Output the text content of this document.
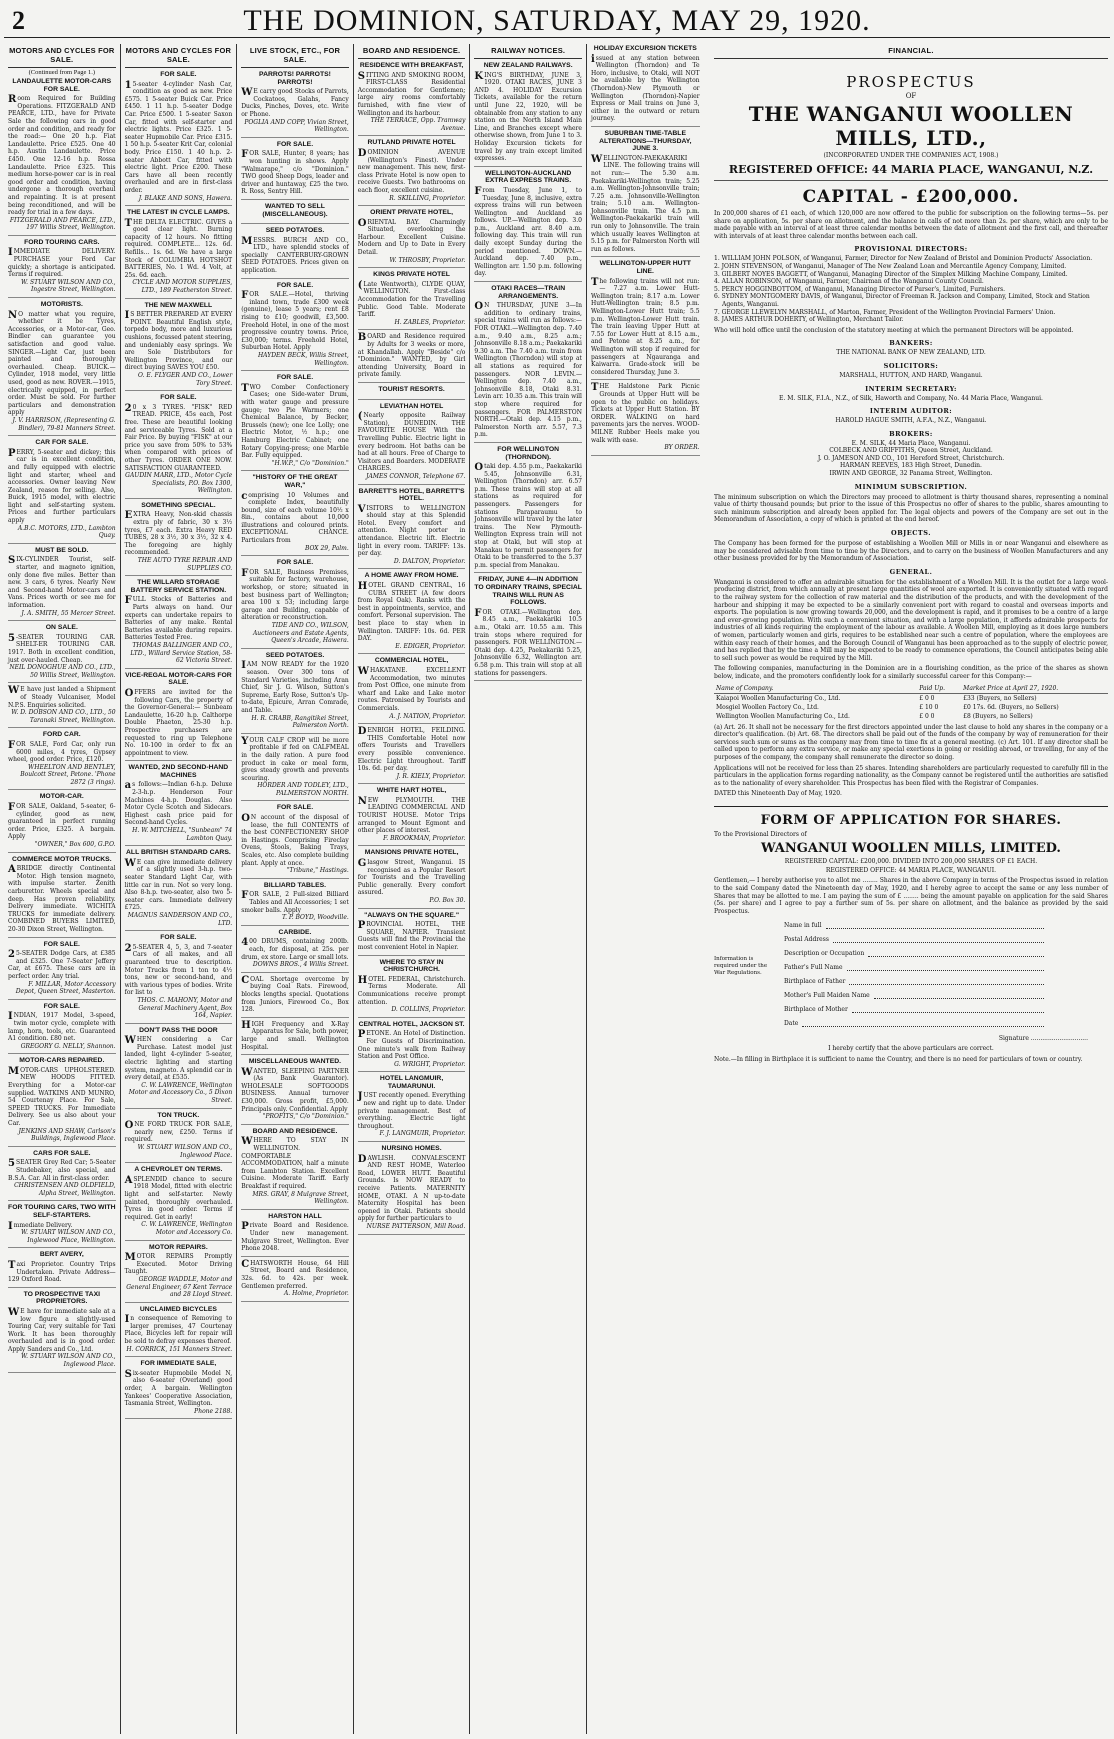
2	THE DOMINION, SATURDAY, MAY 29, 1920.
MOTORS AND CYCLES FOR SALE.
(Continued from Page 1.)
LANDAULETTE MOTOR-CARS FOR SALE.
R oom Required for Building Operations. FITZGERALD AND PEARCE, LTD., have for Private Sale the following cars in good order and condition, and ready for the road:— One 20 h.p. Fiat Landaulette. Price £525. One 40 h.p. Austin Landaulette. Price £450. One 12-16 h.p. Rossa Landaulette. Price £325. This medium horse-power car is in real good order and condition, having undergone a thorough overhaul and repainting. It is at present being reconditioned, and will be ready for trial in a few days.
FITZGERALD AND PEARCE, LTD., 197 Willis Street, Wellington.
FORD TOURING CARS.
I MMEDIATE DELIVERY. PURCHASE your Ford Car quickly; a shortage is anticipated. Terms if required.
W. STUART WILSON AND CO., Ingestre Street, Wellington.
MOTORISTS.
N O matter what you require, whether it be Tyres, Accessories, or a Motor-car, Geo. Bindler can guarantee you satisfaction and good value. SINGER.—Light Car, just been painted and thoroughly overhauled. Cheap. BUICK.—Cylinder, 1918 model, very little used, good as new. ROVER.—1915, electrically equipped, in perfect order. Must be sold. For further particulars and demonstration apply
J. V. HARRISON, (Representing G. Bindler), 79-81 Manners Street.
CAR FOR SALE.
P ERRY, 5-seater and dickey; this car is in excellent condition, and fully equipped with electric light and starter, wheel and accessories. Owner leaving New Zealand, reason for selling. Also, Buick, 1915 model, with electric light and self-starting system. Prices and further particulars apply
A.B.C. MOTORS, LTD., Lambton Quay.
MUST BE SOLD.
S IX-CYLINDER Tourist, self-starter, and magneto ignition, only done five miles. Better than new. 3 cars, 6 tyres. Nearly New and Second-hand Motor-cars and Vans. Prices worth or see me for information.
J. A. SMITH, 55 Mercer Street.
ON SALE.
5 -SEATER TOURING CAR. SHELT-ER TOURING CAR. 1917. Both in excellent condition, just over-hauled. Cheap.
NEIL DONOGHUE AND CO., LTD., 50 Willis Street, Wellington.
W E have just landed a Shipment of Steady Vulcaniser, Model N.P.S. Enquiries solicited.
W. D. DOBSON AND CO., LTD., 50 Taranaki Street, Wellington.
FORD CAR.
F OR SALE, Ford Car, only run 6000 miles, 4 tyres, Gypsey wheel, good order. Price, £120.
WHEELTON AND BENTLEY, Boulcott Street, Petone. 'Phone 2872 (3 rings).
MOTOR-CAR.
F OR SALE, Oakland, 5-seater, 6-cylinder, good as new, guaranteed in perfect running order. Price, £325. A bargain. Apply
"OWNER," Box 600, G.P.O.
COMMERCE MOTOR TRUCKS.
A BRIDGE directly Continental Motor. High tension magneto, with impulse starter. Zenith carburettor. Wheels special and deep. Has proven reliability. Delivery immediate. WICHITA TRUCKS for immediate delivery. COMBINED BUYERS LIMITED, 20-30 Dixon Street, Wellington.
FOR SALE.
2 5-SEATER Dodge Cars, at £385 and £325. One 7-Seater Jeffery Car, at £675. These cars are in perfect order. Any trial.
F. MILLAR, Motor Accessory Depot, Queen Street, Masterton.
FOR SALE.
I NDIAN, 1917 Model, 3-speed, twin motor cycle, complete with lamp, horn, tools, etc. Guaranteed A1 condition. £80 net.
GREGORY G. NELLY, Shannon.
MOTOR-CARS REPAIRED.
M OTOR-CARS UPHOLSTERED. NEW HOODS FITTED. Everything for a Motor-car supplied. WATKINS AND MUNRO, 54 Courtenay Place. For Sale, SPEED TRUCKS. For Immediate Delivery. See us also about your Car.
JENKINS AND SHAW, Carlson's Buildings, Inglewood Place.
CARS FOR SALE.
5 SEATER Grey Red Car; 5-Seater Studebaker, also special, and B.S.A. Car. All in first-class order.
CHRISTENSEN AND OLDFIELD, Alpha Street, Wellington.
FOR TOURING CARS, TWO WITH SELF-STARTERS.
I mmediate Delivery.
W. STUART WILSON AND CO., Inglewood Place, Wellington.
BERT AVERY,
T axi Proprietor. Country Trips Undertaken. Private Address—129 Oxford Road.
TO PROSPECTIVE TAXI PROPRIETORS.
W E have for immediate sale at a low figure a slightly-used Touring Car, very suitable for Taxi Work. It has been thoroughly overhauled and is in good order. Apply Sanders and Co., Ltd.
W. STUART WILSON AND CO., Inglewood Place.
MOTORS AND CYCLES FOR SALE.
FOR SALE.
1 5-seater 4-cylinder Nash Car, condition as good as new. Price £575. 1 5-seater Buick Car. Price £450. 1 11 h.p. 5-seater Dodge Car. Price £500. 1 5-seater Saxon Car, fitted with self-starter and electric lights. Price £325. 1 5-seater Hupmobile Car. Price £315. 1 50 h.p. 5-seater Krit Car, colonial body. Price £150. 1 40 h.p. 2-seater Abbott Car, fitted with electric light. Price £200. These Cars have all been recently overhauled and are in first-class order.
J. BLAKE AND SONS, Hawera.
THE LATEST IN CYCLE LAMPS.
T HE DELTA ELECTRIC. GIVES a good clear light. Burning capacity of 12 hours. No fitting required. COMPLETE... 12s. 6d. Refills... 1s. 6d. We have a large Stock of COLUMBIA HOTSHOT BATTERIES, No. 1 Wd. 4 Volt, at 25s. 6d. each.
CYCLE AND MOTOR SUPPLIES, LTD., 189 Featherston Street.
THE NEW MAXWELL
I S BETTER PREPARED AT EVERY POINT. Beautiful English style, torpedo body, more and luxurious cushions, focussed patent steering, and undeniably easy springs. We are Sole Distributors for Wellington Province, and our direct buying SAVES YOU £50.
O. E. FLYGER AND CO., Lower Tory Street.
FOR SALE.
2 0 x 3 TYRES. "FISK" RED TREAD. PRICE, 45s each, Post free. These are beautiful looking and serviceable Tyres. Sold at a Fair Price. By buying "FISK" at our price you save from 50% to 53% when compared with prices of other Tyres. ORDER ONE NOW. SATISFACTION GUARANTEED.
GAUDIN MARR, LTD., Motor Cycle Specialists, P.O. Box 1300, Wellington.
SOMETHING SPECIAL.
E XTRA Heavy, Non-skid chassis extra ply of fabric, 30 x 3½ tyres, £7 each. Extra Heavy RED TUBES, 28 x 3½, 30 x 3½, 32 x 4. The foregoing are highly recommended.
THE AUTO TYRE REPAIR AND SUPPLIES CO.
THE WILLARD STORAGE BATTERY SERVICE STATION.
F ULL Stocks of Batteries and Parts always on hand. Our experts can undertake repairs to Batteries of any make. Rental Batteries available during repairs. Batteries Tested Free.
THOMAS BALLINGER AND CO., LTD., Willard Service Station, 58-62 Victoria Street.
VICE-REGAL MOTOR-CARS FOR SALE.
O FFERS are invited for the following Cars, the property of the Governor-General:— Sunbeam Landaulette, 16-20 h.p. Calthorpe Double Phaeton, 25-30 h.p. Prospective purchasers are requested to ring up Telephone No. 10-100 in order to fix an appointment to view.
WANTED, 2ND SECOND-HAND MACHINES
a s follows:—Indian 6-h.p. Deluxe 2-3-h.p. Henderson Four Machines 4-h.p. Douglas. Also Motor Cycle Scotch and Sidecars. Highest cash price paid for Second-hand Cycles.
H. W. MITCHELL, "Sunbeam" 74 Lambton Quay.
ALL BRITISH STANDARD CARS.
W E can give immediate delivery of a slightly used 3-h.p. two-seater Standard Light Car, with little car in run. Not so very long. Also 8-h.p. two-seater, also two 5-seater cars. Immediate delivery £725.
MAGNUS SANDERSON AND CO., LTD.
FOR SALE.
2 5-SEATER 4, 5, 3, and 7-seater Cars of all makes, and all guaranteed true to description. Motor Trucks from 1 ton to 4½ tons, new or second-hand, and with various types of bodies. Write for list to
THOS. C. MAHONY, Motor and General Machinery Agent, Box 164, Napier.
DON'T PASS THE DOOR
W HEN considering a Car Purchase. Latest model just landed, light 4-cylinder 5-seater, electric lighting and starting system, magneto. A splendid car in every detail, at £535.
C. W. LAWRENCE, Wellington Motor and Accessory Co., 5 Dixon Street.
TON TRUCK.
O NE FORD TRUCK FOR SALE, nearly new, £250. Terms if required.
W. STUART WILSON AND CO., Inglewood Place.
A CHEVROLET ON TERMS.
A SPLENDID chance to secure 1918 Model, fitted with electric light and self-starter. Newly painted, thoroughly overhauled. Tyres in good order. Terms if required. Get in early!
C. W. LAWRENCE, Wellington Motor and Accessory Co.
MOTOR REPAIRS.
M OTOR REPAIRS Promptly Executed. Motor Driving Taught.
GEORGE WADDLE, Motor and General Engineer, 67 Kent Terrace and 28 Lloyd Street.
UNCLAIMED BICYCLES
I n consequence of Removing to larger premises, 47 Courtenay Place, Bicycles left for repair will be sold to defray expenses thereof.
H. CORRICK, 151 Manners Street.
FOR IMMEDIATE SALE,
S ix-seater Hupmobile Model N, also 6-seater (Overland) good order, A bargain. Wellington Yankees' Cooperative Association, Tasmania Street, Wellington.
Phone 2188.
LIVE STOCK, ETC., FOR SALE.
PARROTS! PARROTS! PARROTS!
W E carry good Stocks of Parrots, Cockatoos, Galahs, Fancy Ducks, Pinches, Doves, etc. Write or Phone.
POGLIA AND COPP, Vivian Street, Wellington.
FOR SALE.
F OR SALE, Hunter, 8 years; has won hunting in shows. Apply "Walmarape," c/o "Dominion." TWO good Sheep Dogs, leader and driver and huntaway, £25 the two. R. Ross, Sentry Hill.
WANTED TO SELL (MISCELLANEOUS).
SEED POTATOES.
M ESSRS. BURCH AND CO., LTD., have splendid stocks of specially CANTERBURY-GROWN SEED POTATOES. Prices given on application.
FOR SALE.
F OR SALE.—Hotel, thriving inland town, trade £300 week (genuine), lease 5 years; rent £8 rising to £10; goodwill, £3,500. Freehold Hotel, in one of the most progressive country towns. Price, £30,000; terms. Freehold Hotel, Suburban Hotel. Apply
HAYDEN BECK, Willis Street, Wellington.
FOR SALE.
T WO Comber Confectionery Cases; one Side-water Drum, with water gauge and pressure gauge; two Pie Warmers; one Chemical Balance, by Becker, Brussels (new); one Ice Lolly; one Electric Motor, ½ h.p.; one Hamburg Electric Cabinet; one Rotary Copying-press; one Marble Bar. Fully equipped.
"H.W.P.," C/o "Dominion."
"HISTORY OF THE GREAT WAR,"
c omprising 10 Volumes and complete Index, beautifully bound, size of each volume 10½ x 8in., contains about 10,000 illustrations and coloured prints. EXCEPTIONAL CHANCE. Particulars from
BOX 29, Palm.
FOR SALE.
F OR SALE, Business Premises, suitable for factory, warehouse, workshop, or store; situated in best business part of Wellington; area 100 x 53; including large garage and Building, capable of alteration or reconstruction.
TIDE AND CO., WILSON, Auctioneers and Estate Agents, Queen's Arcade, Hawera.
SEED POTATOES.
I AM NOW READY for the 1920 season. Over 300 tons of Standard Varieties, including Aran Chief, Sir J. G. Wilson, Sutton's Supreme, Early Rose, Sutton's Up-to-date, Epicure, Arran Comrade, and Table.
H. R. CRABB, Rangitikei Street, Palmerston North.
YOUR CALF CROP will be more profitable if fed on CALFMEAL in the daily ration. A pure food product in cake or meal form, gives steady growth and prevents scouring.
HORDER AND TODLEY, LTD., PALMERSTON NORTH.
FOR SALE.
O N account of the disposal of lease, the full CONTENTS of the best CONFECTIONERY SHOP in Hastings. Comprising Fireclay Ovens, Stools, Baking Trays, Scales, etc. Also complete building plant. Apply at once.
"Tribune," Hastings.
BILLIARD TABLES.
F OR SALE, 2 Full-sized Billiard Tables and All Accessories; 1 set smoker balls. Apply
T. P. BOYD, Woodville.
CARBIDE.
4 00 DRUMS, containing 200lb. each, for disposal, at 25s. per drum, ex store. Large or small lots.
DOWNS BROS., 4 Willis Street.
COAL Shortage overcome by buying Coal Rats. Firewood, blocks lengths special. Quotations from Juniors, Firewood Co., Box 128.
HIGH Frequency and X-Ray Apparatus for Sale, both power, large and small. Wellington Hospital.
MISCELLANEOUS WANTED.
W ANTED, SLEEPING PARTNER (As Bank Guarantor). WHOLESALE SOFTGOODS BUSINESS. Annual turnover £30,000. Gross profit, £5,000. Principals only. Confidential. Apply
"PROFITS," C/o "Dominion."
BOARD AND RESIDENCE.
W HERE TO STAY IN WELLINGTON. COMFORTABLE ACCOMMODATION, half a minute from Lambton Station. Excellent Cuisine. Moderate Tariff. Early Breakfast if required.
MRS. GRAY, 8 Mulgrave Street, Wellington.
HARSTON HALL
P rivate Board and Residence. Under new management. Mulgrave Street, Wellington. Ever Phone 2048.
CHATSWORTH House, 64 Hill Street, Board and Residence, 32s. 6d. to 42s. per week. Gentlemen preferred.
A. Holme, Proprietor.
BOARD AND RESIDENCE.
RESIDENCE WITH BREAKFAST,
S ITTING AND SMOKING ROOM, FIRST-CLASS Residential Accommodation for Gentlemen; large airy rooms comfortably furnished, with fine view of Wellington and its harbour.
THE TERRACE, Opp. Tramway Avenue.
RUTLAND PRIVATE HOTEL
D OMINION AVENUE (Wellington's Finest). Under new management. This new, first-class Private Hotel is now open to receive Guests. Two bathrooms on each floor, excellent cuisine.
R. SKILLING, Proprietor.
ORIENT PRIVATE HOTEL,
O RIENTAL BAY. Charmingly Situated, overlooking the Harbour. Excellent Cuisine. Modern and Up to Date in Every Detail.
W. THROSBY, Proprietor.
KINGS PRIVATE HOTEL
( Late Wentworth), CLYDE QUAY, WELLINGTON. First-class Accommodation for the Travelling Public. Good Table. Moderate Tariff.
H. ZABLES, Proprietor.
BOARD and Residence required by Adults for 3 weeks or more, at Khandallah. Apply "Beside" c/o "Dominion." WANTED, by Girl attending University, Board in private family.
TOURIST RESORTS.
LEVIATHAN HOTEL
( Nearly opposite Railway Station), DUNEDIN. THE FAVOURITE HOUSE With the Travelling Public. Electric light in every bedroom. Hot baths can be had at all hours. Free of Charge to Visitors and Boarders. MODERATE CHARGES.
JAMES CONNOR, Telephone 67.
BARRETT'S HOTEL, BARRETT'S HOTEL.
V ISITORS to WELLINGTON should stay at this Splendid Hotel. Every comfort and attention. Night porter in attendance. Electric lift. Electric light in every room. TARIFF: 13s. per day.
D. DALTON, Proprietor.
A HOME AWAY FROM HOME.
H OTEL GRAND CENTRAL, 16 CUBA STREET (A few doors from Royal Oak). Ranks with the best in appointments, service, and comfort. Personal supervision. The best place to stay when in Wellington. TARIFF: 10s. 6d. PER DAY.
E. EDIGER, Proprietor.
COMMERCIAL HOTEL,
W HAKATANE. EXCELLENT Accommodation, two minutes from Post Office, one minute from wharf and Lake and Lake motor routes. Patronised by Tourists and Commercials.
A. J. NATION, Proprietor.
DENBIGH HOTEL, FEILDING. THIS Comfortable Hotel now offers Tourists and Travellers every possible convenience. Electric Light throughout. Tariff 10s. 6d. per day.
J. R. KIELY, Proprietor.
WHITE HART HOTEL,
N EW PLYMOUTH. THE LEADING COMMERCIAL AND TOURIST HOUSE. Motor Trips arranged to Mount Egmont and other places of interest.
F. BROOKMAN, Proprietor.
MANSIONS PRIVATE HOTEL,
G lasgow Street, Wanganui. IS recognised as a Popular Resort for Tourists and the Travelling Public generally. Every comfort assured.
P.O. Box 30.
"ALWAYS ON THE SQUARE."
P ROVINCIAL HOTEL, THE SQUARE, NAPIER. Transient Guests will find the Provincial the most convenient Hotel in Napier.
WHERE TO STAY IN CHRISTCHURCH.
H OTEL FEDERAL, Christchurch. Terms Moderate. All Communications receive prompt attention.
D. COLLINS, Proprietor.
CENTRAL HOTEL, JACKSON ST.
P ETONE. An Hotel of Distinction. For Guests of Discrimination. One minute's walk from Railway Station and Post Office.
G. WRIGHT, Proprietor.
HOTEL LANGMUIR, TAUMARUNUI.
J UST recently opened. Everything new and right up to date. Under private management. Best of everything. Electric light throughout.
F. J. LANGMUIR, Proprietor.
NURSING HOMES.
D AWLISH. CONVALESCENT AND REST HOME, Waterloo Road, LOWER HUTT. Beautiful Grounds. Is NOW READY to receive Patients. MATERNITY HOME, OTAKI. A N up-to-date Maternity Hospital has been opened in Otaki. Patients should apply for further particulars to
NURSE PATTERSON, Mill Road.
RAILWAY NOTICES.
NEW ZEALAND RAILWAYS.
K ING'S BIRTHDAY, JUNE 3, 1920. OTAKI RACES, JUNE 3 AND 4. HOLIDAY Excursion Tickets, available for the return until June 22, 1920, will be obtainable from any station to any station on the North Island Main Line, and Branches except where otherwise shown, from June 1 to 3. Holiday Excursion tickets for travel by any train except limited expresses.
WELLINGTON-AUCKLAND EXTRA EXPRESS TRAINS.
F rom Tuesday, June 1, to Tuesday, June 8, inclusive, extra express trains will run between Wellington and Auckland as follows. UP.—Wellington dep. 3.0 p.m., Auckland arr. 8.40 a.m. following day. This train will run daily except Sunday during the period mentioned. DOWN.—Auckland dep. 7.40 p.m., Wellington arr. 1.50 p.m. following day.
OTAKI RACES—TRAIN ARRANGEMENTS.
O N THURSDAY, JUNE 3—In addition to ordinary trains, special trains will run as follows:— FOR OTAKI.—Wellington dep. 7.40 a.m., 9.40 a.m., 8.25 a.m.; Johnsonville 8.18 a.m.; Paekakariki 9.30 a.m. The 7.40 a.m. train from Wellington (Thorndon) will stop at all stations as required for passengers. NOR LEVIN.—Wellington dep. 7.40 a.m., Johnsonville 8.18, Otaki 8.31. Levin arr. 10.35 a.m. This train will stop where required for passengers. FOR PALMERSTON NORTH.—Otaki dep. 4.15 p.m., Palmerston North arr. 5.57, 7.3 p.m.
FOR WELLINGTON (THORNDON).
O taki dep. 4.55 p.m., Paekakariki 5.45, Johnsonville 6.31, Wellington (Thorndon) arr. 6.57 p.m. These trains will stop at all stations as required for passengers. Passengers for stations Paraparaumu to Johnsonville will travel by the later trains. The New Plymouth-Wellington Express train will not stop at Otaki, but will stop at Manakau to permit passengers for Otaki to be transferred to the 5.37 p.m. special from Manakau.
FRIDAY, JUNE 4—IN ADDITION TO ORDINARY TRAINS, SPECIAL TRAINS WILL RUN AS FOLLOWS.
F OR OTAKI.—Wellington dep. 8.45 a.m., Paekakariki 10.5 a.m., Otaki arr. 10.55 a.m. This train stops where required for passengers. FOR WELLINGTON.—Otaki dep. 4.25, Paekakariki 5.25, Johnsonville 6.32, Wellington arr. 6.58 p.m. This train will stop at all stations for passengers.
HOLIDAY EXCURSION TICKETS
i ssued at any station between Wellington (Thorndon) and Te Horo, inclusive, to Otaki, will NOT be available by the Wellington (Thorndon)-New Plymouth or Wellington (Thorndon)-Napier Express or Mail trains on June 3, either in the outward or return journey.
SUBURBAN TIME-TABLE ALTERATIONS—THURSDAY, JUNE 3.
W ELLINGTON-PAEKAKARIKI LINE. The following trains will not run:— The 5.30 a.m. Paekakariki-Wellington train; 5.25 a.m. Wellington-Johnsonville train; 7.25 a.m. Johnsonville-Wellington train; 5.10 a.m. Wellington-Johnsonville train. The 4.5 p.m. Wellington-Paekakariki train will run only to Johnsonville. The train which usually leaves Wellington at 5.15 p.m. for Palmerston North will run as follows.
WELLINGTON-UPPER HUTT LINE.
T he following trains will not run:— 7.27 a.m. Lower Hutt-Wellington train; 8.17 a.m. Lower Hutt-Wellington train; 8.5 p.m. Wellington-Lower Hutt train; 5.5 p.m. Wellington-Lower Hutt train. The train leaving Upper Hutt at 7.55 for Lower Hutt at 8.15 a.m., and Petone at 8.25 a.m., for Wellington will stop if required for passengers at Ngauranga and Kaiwarra. Grade-stock will be considered Thursday, June 3.
THE Haldstone Park Picnic Grounds at Upper Hutt will be open to the public on holidays. Tickets at Upper Hutt Station. BY ORDER. WALKING on hard pavements jars the nerves. WOOD-MILNE Rubber Heels make you walk with ease.
BY ORDER.
FINANCIAL.
PROSPECTUS
OF
THE WANGANUI WOOLLEN MILLS, LTD.,
(INCORPORATED UNDER THE COMPANIES ACT, 1908.)
REGISTERED OFFICE: 44 MARIA PLACE, WANGANUI, N.Z.
CAPITAL - £200,000.
In 200,000 shares of £1 each, of which 120,000 are now offered to the public for subscription on the following terms—5s. per share on application, 5s. per share on allotment, and the balance in calls of not more than 2s. per share, which are only to be made payable with an interval of at least three calendar months between the date of allotment and the first call, and thereafter with intervals of at least three calendar months between each call.
PROVISIONAL DIRECTORS:
1. WILLIAM JOHN POLSON, of Wanganui, Farmer, Director for New Zealand of Bristol and Dominion Products' Association.
2. JOHN STEVENSON, of Wanganui, Manager of The New Zealand Loan and Mercantile Agency Company, Limited.
3. GILBERT NOYES BAGGETT, of Wanganui, Managing Director of the Simplex Milking Machine Company, Limited.
4. ALLAN ROBINSON, of Wanganui, Farmer, Chairman of the Wanganui County Council.
5. PERCY HOGGINBOTTOM, of Wanganui, Managing Director of Purser's, Limited, Furnishers.
6. SYDNEY MONTGOMERY DAVIS, of Wanganui, Director of Freeman R. Jackson and Company, Limited, Stock and Station Agents, Wanganui.
7. GEORGE LLEWELYN MARSHALL, of Marton, Farmer, President of the Wellington Provincial Farmers' Union.
8. JAMES ARTHUR DOHERTY, of Wellington, Merchant Tailor.
Who will hold office until the conclusion of the statutory meeting at which the permanent Directors will be appointed.
BANKERS:
THE NATIONAL BANK OF NEW ZEALAND, LTD.
SOLICITORS:
MARSHALL, HUTTON, AND HARD, Wanganui.
INTERIM SECRETARY:
E. M. SILK, F.I.A., N.Z., of Silk, Haworth and Company, No. 44 Maria Place, Wanganui.
INTERIM AUDITOR:
HAROLD HAGUE SMITH, A.F.A., N.Z., Wanganui.
BROKERS:
E. M. SILK, 44 Maria Place, Wanganui.
COLBECK AND GRIFFITHS, Queen Street, Auckland.
J. O. JAMESON AND CO., 101 Hereford Street, Christchurch.
HARMAN REEVES, 183 High Street, Dunedin.
IRWIN AND GEORGE, 32 Panama Street, Wellington.
MINIMUM SUBSCRIPTION.
The minimum subscription on which the Directors may proceed to allotment is thirty thousand shares, representing a nominal value of thirty thousand pounds; but prior to the issue of this Prospectus no offer of shares to the public, shares amounting to such minimum subscription and already been applied for. The legal objects and powers of the Company are set out in the Memorandum of Association, a copy of which is printed at the end hereof.
OBJECTS.
The Company has been formed for the purpose of establishing a Woollen Mill or Mills in or near Wanganui and elsewhere as may be considered advisable from time to time by the Directors, and to carry on the business of Woollen Manufacturers and any other business provided for by the Memorandum of Association.
GENERAL.
Wanganui is considered to offer an admirable situation for the establishment of a Woollen Mill. It is the outlet for a large wool-producing district, from which annually at present large quantities of wool are exported. It is conveniently situated with regard to the railway system for the collection of raw material and the distribution of the products, and with the development of the harbour and shipping it may be expected to be a similarly convenient port with regard to coastal and overseas imports and exports. The population is now growing towards 20,000, and the development is rapid, and it promises to be a centre of a large and ever-growing population. With such a convenient situation, and with a large population, it affords admirable prospects for industries of all kinds requiring the employment of the labour as available. A Woollen Mill, employing as it does large numbers of women, particularly women and girls, requires to be established near such a centre of population, where the employees are within easy reach of their homes, and the Borough Council of Wanganui has been approached as to the supply of electric power, and has replied that by the time a Mill may be expected to be ready to commence operations, the Council anticipates being able to sell such power as would be required by the Mill.
The following companies, manufacturing in the Dominion are in a flourishing condition, as the price of the shares as shown below, indicate, and the promoters confidently look for a similarly successful career for this Company:—
Name of Company.	Paid Up.	Market Price at April 27, 1920.
Kaiapoi Woollen Manufacturing Co., Ltd.	£ 0 0	£33 (Buyers, no Sellers)
Mosgiel Woollen Factory Co., Ltd.	£ 10 0	£0 17s. 6d. (Buyers, no Sellers)
Wellington Woollen Manufacturing Co., Ltd.	£ 0 0	£8 (Buyers, no Sellers)
(a) Art. 26. It shall not be necessary for the first directors appointed under the last clause to hold any shares in the company or a director's qualification. (b) Art. 68. The directors shall be paid out of the funds of the company by way of remuneration for their services such sum or sums as the company may from time to time fix at a general meeting. (c) Art. 101. If any director shall be called upon to perform any extra service, or make any special exertions in going or residing abroad, or travelling, for any of the purposes of the company, the company shall remunerate the director so doing.
Applications will not be received for less than 25 shares. Intending shareholders are particularly requested to carefully fill in the particulars in the application forms regarding nationality, as the Company cannot be registered until the authorities are satisfied as to the nationality of every shareholder. This Prospectus has been filed with the Registrar of Companies.
DATED this Nineteenth Day of May, 1920.
FORM OF APPLICATION FOR SHARES.
To the Provisional Directors of
WANGANUI WOOLLEN MILLS, LIMITED.
REGISTERED CAPITAL: £200,000. DIVIDED INTO 200,000 SHARES OF £1 EACH.
REGISTERED OFFICE: 44 MARIA PLACE, WANGANUI.
Gentlemen,— I hereby authorise you to allot me ........ Shares in the above Company in terms of the Prospectus issued in relation to the said Company dated the Nineteenth day of May, 1920, and I hereby agree to accept the same or any less number of Shares that may be allotted to me. I am paying the sum of £ ........ being the amount payable on application for the said Shares (5s. per share) and I agree to pay a further sum of 5s. per share on allotment, and the balance as provided by the said Prospectus.
Information is required under the War Regulations.
Name in full
Postal Address
Description or Occupation
Father's Full Name
Birthplace of Father
Mother's Full Maiden Name
Birthplace of Mother
Date
Signature ..............................
I hereby certify that the above particulars are correct.
Note.—In filling in Birthplace it is sufficient to name the Country, and there is no need for particulars of town or country.
